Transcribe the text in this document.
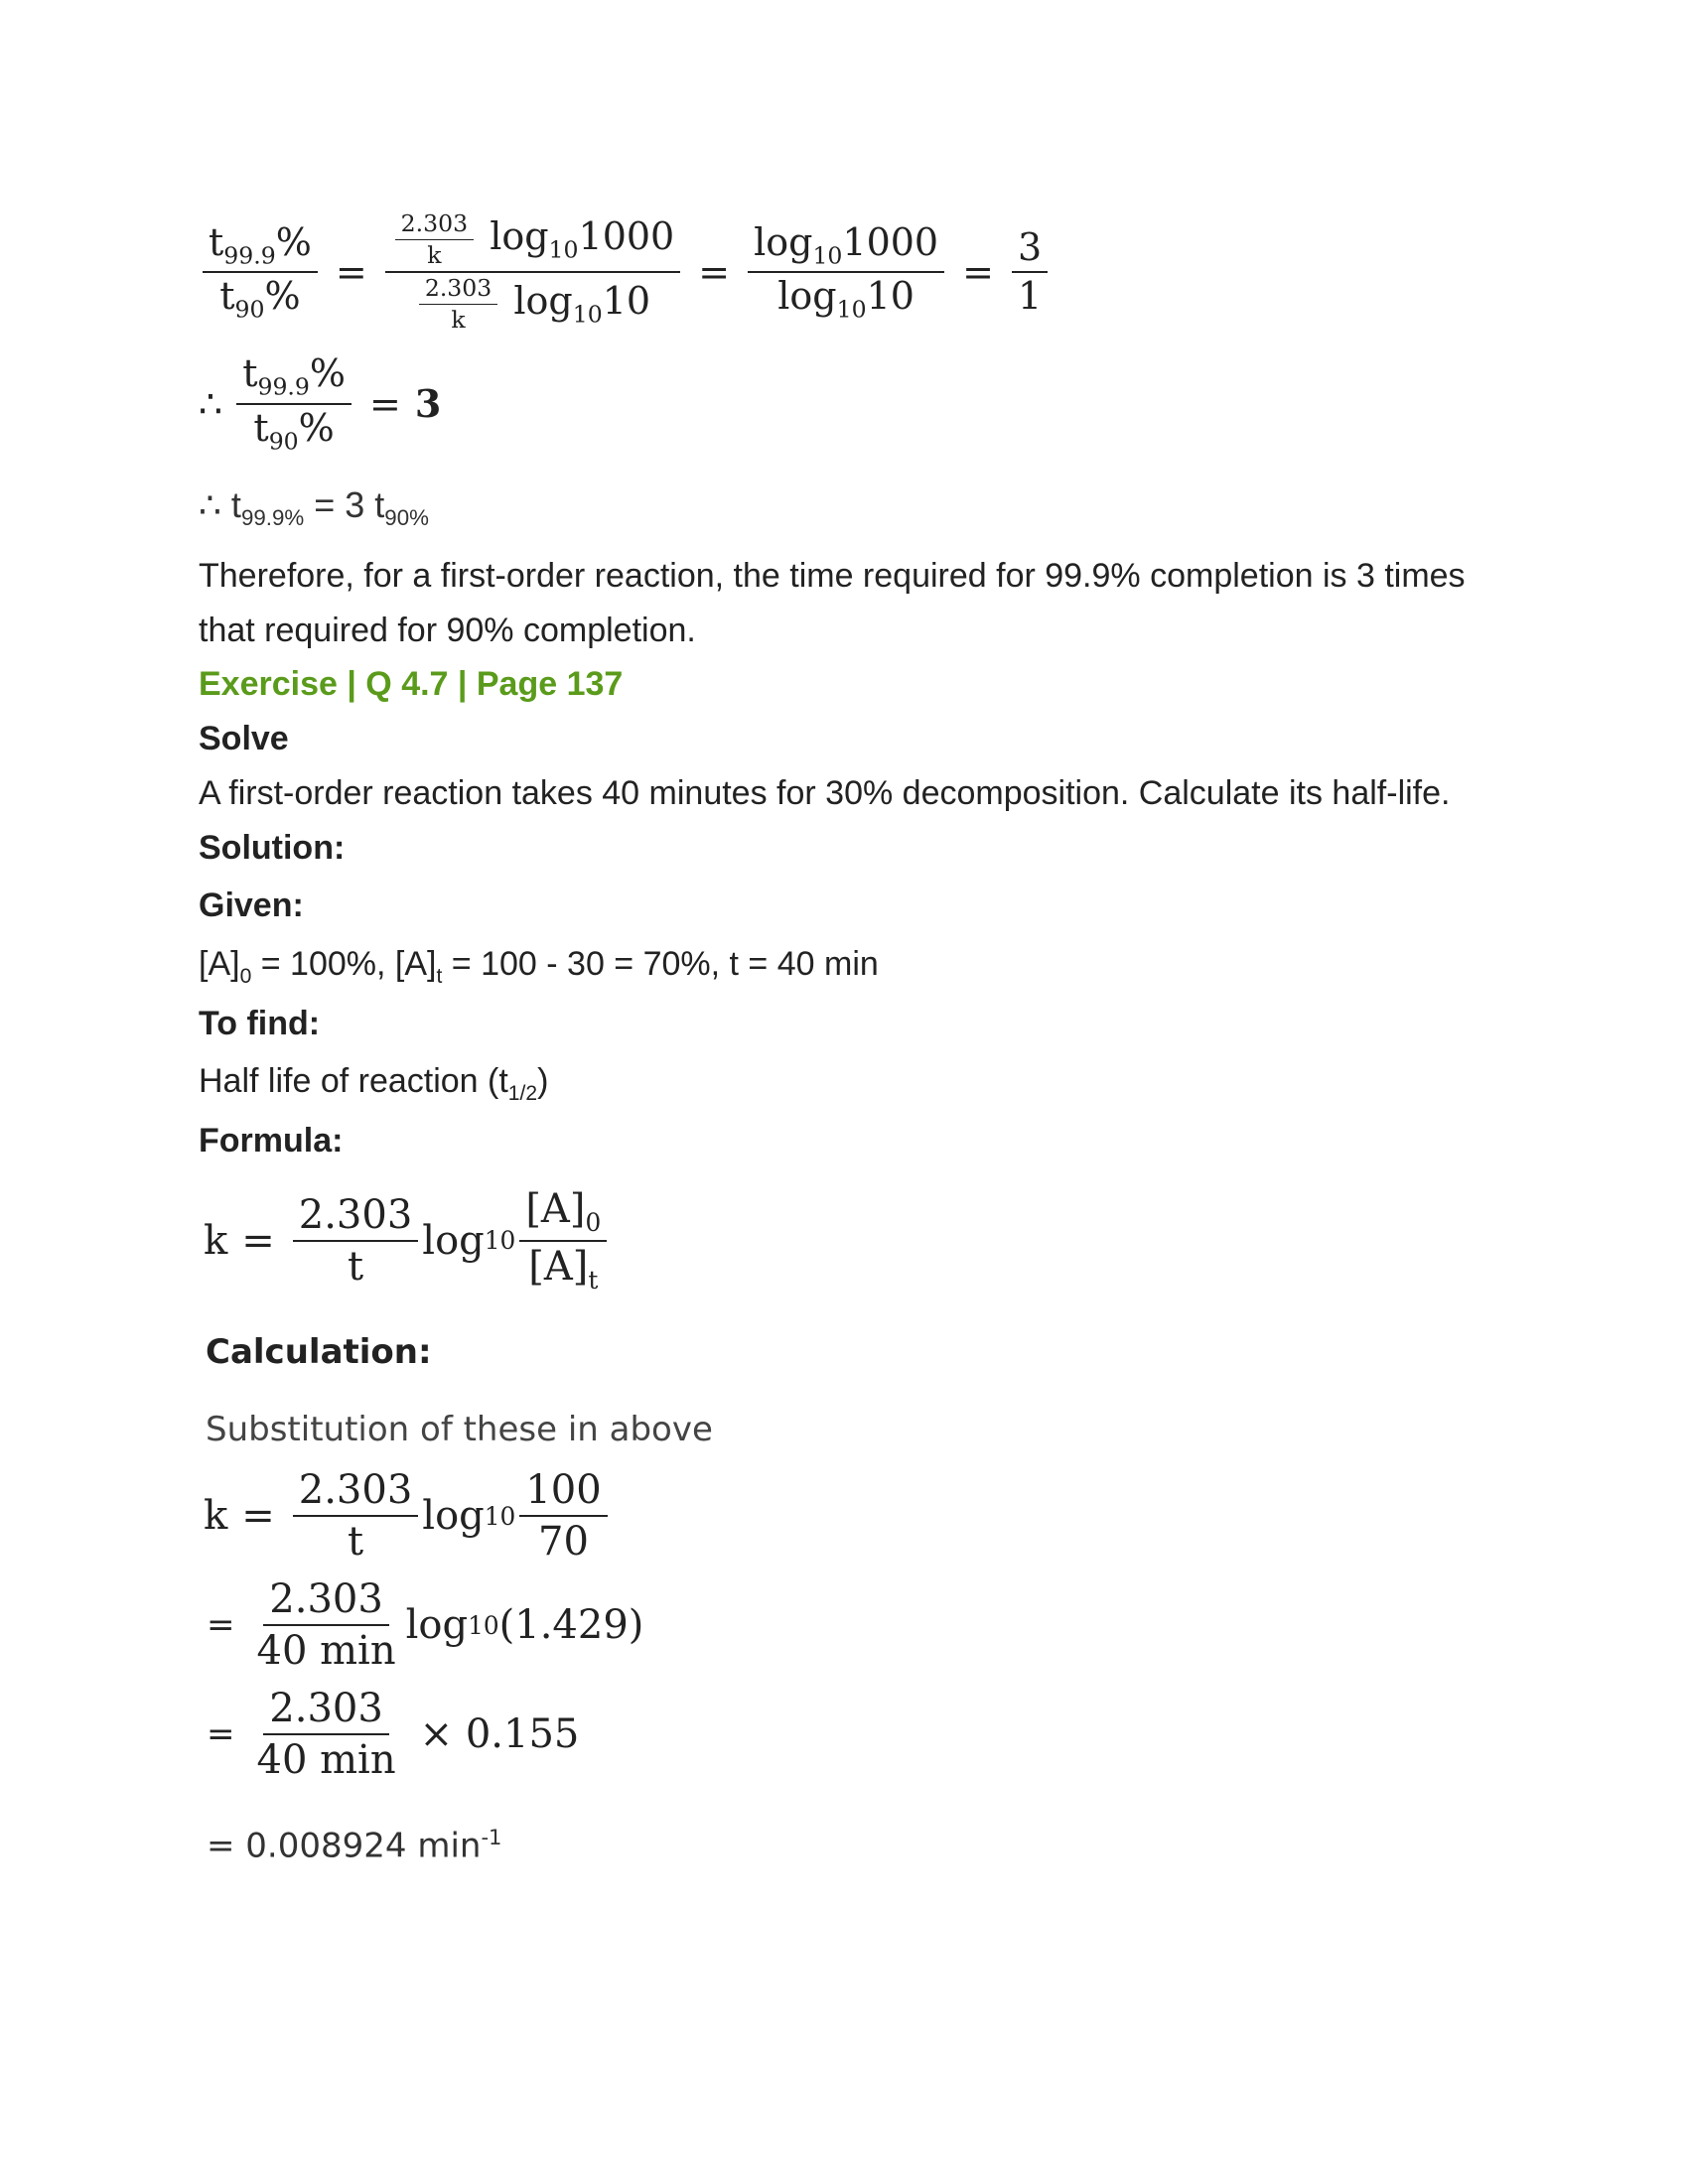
$\frac{t_{99.9}\%}{t_{90}\%} = \frac{\frac{2.303}{k} \log_{10}1000}{\frac{2.303}{k} \log_{10}10} = \frac{\log_{10}1000}{\log_{10}10} = \frac{3}{1}$
∴ $\frac{t_{99.9}\%}{t_{90}\%} = 3$
∴ $t_{99.9\%} = 3$ $t_{90\%}$
Therefore, for a first-order reaction, the time required for 99.9% completion is 3 times
that required for 90% completion.
Exercise | Q 4.7 | Page 137
Solve
A first-order reaction takes 40 minutes for 30% decomposition. Calculate its half-life.
Solution:
Given:
$[A]_0 = 100\%$, $[A]_t = 100 - 30 = 70\%$, t = 40 min
To find:
Half life of reaction $(t_{1/2})$
Formula:
$k = \frac{2.303}{t}$ $\log 10 \frac{[A]_0}{[A]_t}$
Calculation:
Substitution of these in above
$k = \frac{2.303}{t}$ $\log 10 \frac{100}{70}$
= $\frac{2.303}{40 \min}$ log 10 (1.429)
= $\frac{2.303}{40 \min} \times 0.155$
= 0.008924 $\min^{-1}$
